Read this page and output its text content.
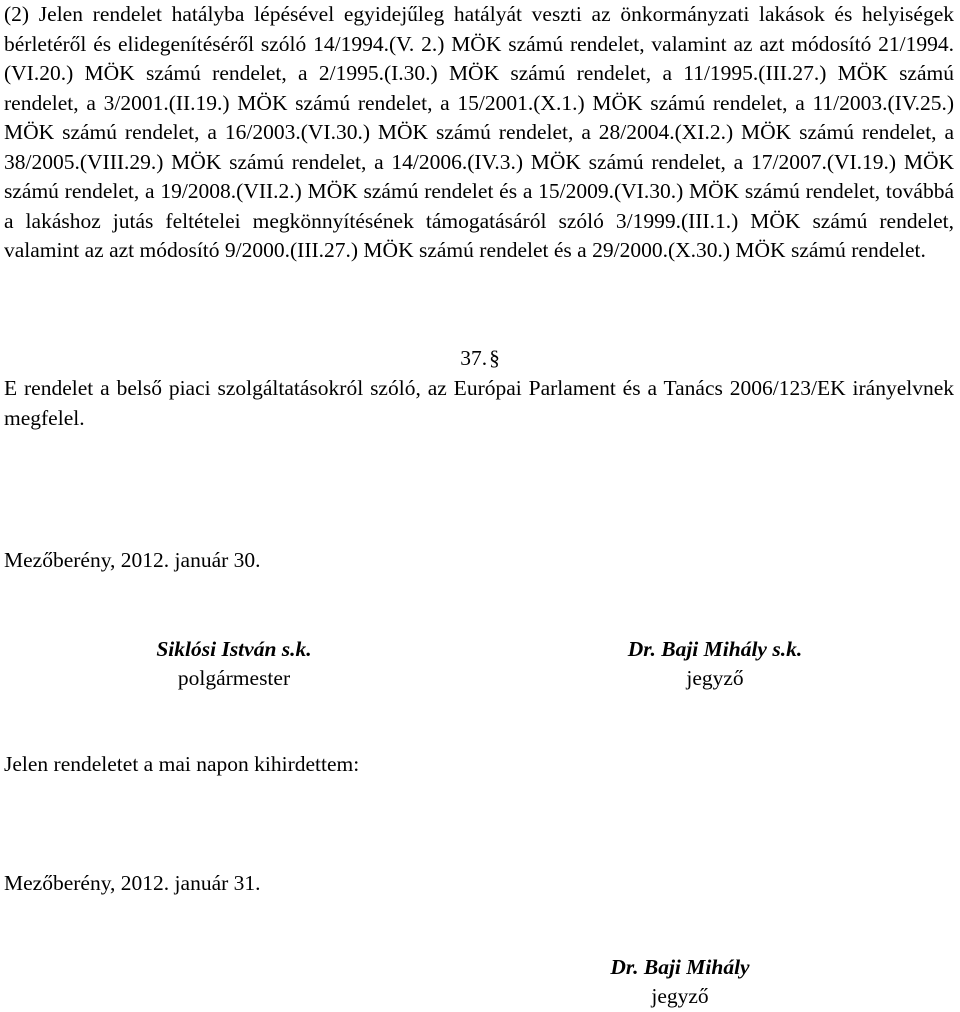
(2) Jelen rendelet hatályba lépésével egyidejűleg hatályát veszti az önkormányzati lakások és helyiségek bérletéről és elidegenítéséről szóló 14/1994.(V. 2.) MÖK számú rendelet, valamint az azt módosító 21/1994.(VI.20.) MÖK számú rendelet, a 2/1995.(I.30.) MÖK számú rendelet, a 11/1995.(III.27.) MÖK számú rendelet, a 3/2001.(II.19.) MÖK számú rendelet, a 15/2001.(X.1.) MÖK számú rendelet, a 11/2003.(IV.25.) MÖK számú rendelet, a 16/2003.(VI.30.) MÖK számú rendelet, a 28/2004.(XI.2.) MÖK számú rendelet, a 38/2005.(VIII.29.) MÖK számú rendelet, a 14/2006.(IV.3.) MÖK számú rendelet, a 17/2007.(VI.19.) MÖK számú rendelet, a 19/2008.(VII.2.) MÖK számú rendelet és a 15/2009.(VI.30.) MÖK számú rendelet, továbbá a lakáshoz jutás feltételei megkönnyítésének támogatásáról szóló 3/1999.(III.1.) MÖK számú rendelet, valamint az azt módosító 9/2000.(III.27.) MÖK számú rendelet és a 29/2000.(X.30.) MÖK számú rendelet.
37.§
E rendelet a belső piaci szolgáltatásokról szóló, az Európai Parlament és a Tanács 2006/123/EK irányelvnek megfelel.
Mezőberény, 2012. január 30.
Siklósi István s.k.
polgármester
Dr. Baji Mihály s.k.
jegyző
Jelen rendeletet a mai napon kihirdettem:
Mezőberény, 2012. január 31.
Dr. Baji Mihály
jegyző
